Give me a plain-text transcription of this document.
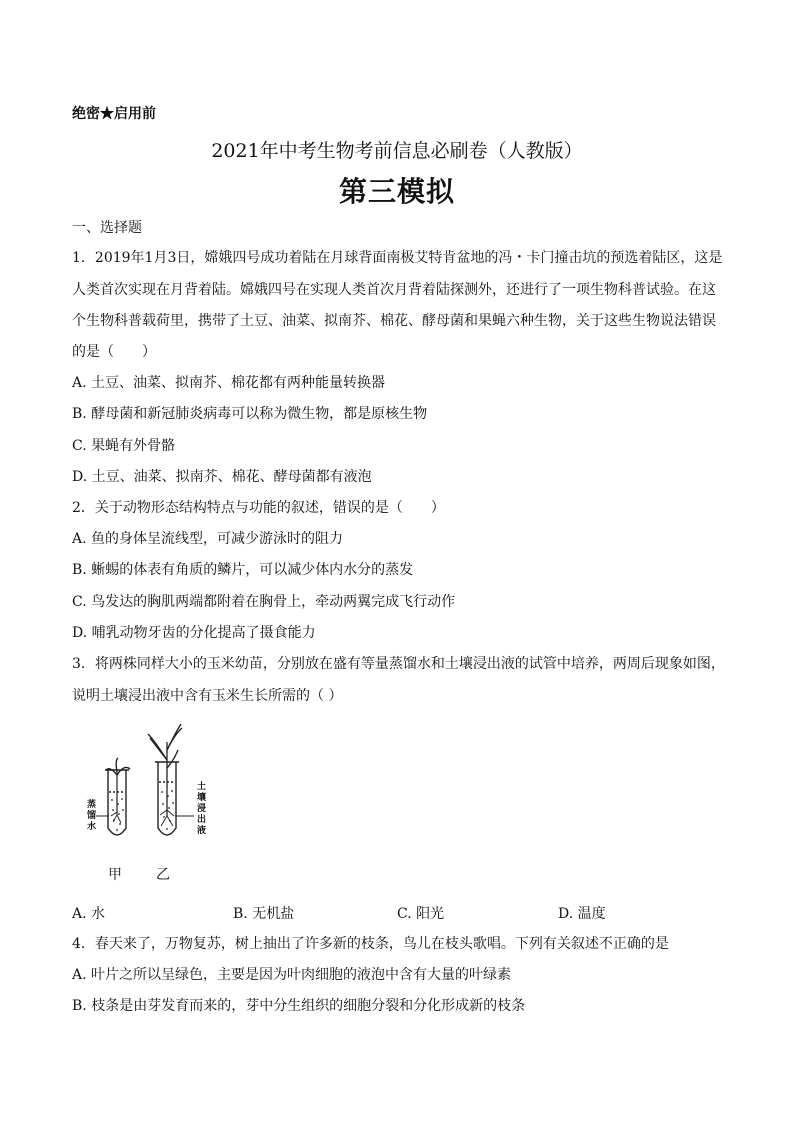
绝密★启用前
2021年中考生物考前信息必刷卷（人教版）
第三模拟
一、选择题
1．2019年1月3日，嫦娥四号成功着陆在月球背面南极艾特肯盆地的冯・卡门撞击坑的预选着陆区，这是
人类首次实现在月背着陆。嫦娥四号在实现人类首次月背着陆探测外，还进行了一项生物科普试验。在这
个生物科普载荷里，携带了土豆、油菜、拟南芥、棉花、酵母菌和果蝇六种生物，关于这些生物说法错误
的是（　　）
A. 土豆、油菜、拟南芥、棉花都有两种能量转换器
B. 酵母菌和新冠肺炎病毒可以称为微生物，都是原核生物
C. 果蝇有外骨骼
D. 土豆、油菜、拟南芥、棉花、酵母菌都有液泡
2．关于动物形态结构特点与功能的叙述，错误的是（　　）
A. 鱼的身体呈流线型，可减少游泳时的阻力
B. 蜥蜴的体表有角质的鳞片，可以减少体内水分的蒸发
C. 鸟发达的胸肌两端都附着在胸骨上，牵动两翼完成飞行动作
D. 哺乳动物牙齿的分化提高了摄食能力
3．将两株同样大小的玉米幼苗，分别放在盛有等量蒸馏水和土壤浸出液的试管中培养，两周后现象如图，
说明土壤浸出液中含有玉米生长所需的（ ）
蒸馏水
土壤浸出液
甲 乙
A. 水	B. 无机盐	C. 阳光	D. 温度
4．春天来了，万物复苏，树上抽出了许多新的枝条，鸟儿在枝头歌唱。下列有关叙述不正确的是
A. 叶片之所以呈绿色，主要是因为叶肉细胞的液泡中含有大量的叶绿素
B. 枝条是由芽发育而来的，芽中分生组织的细胞分裂和分化形成新的枝条
